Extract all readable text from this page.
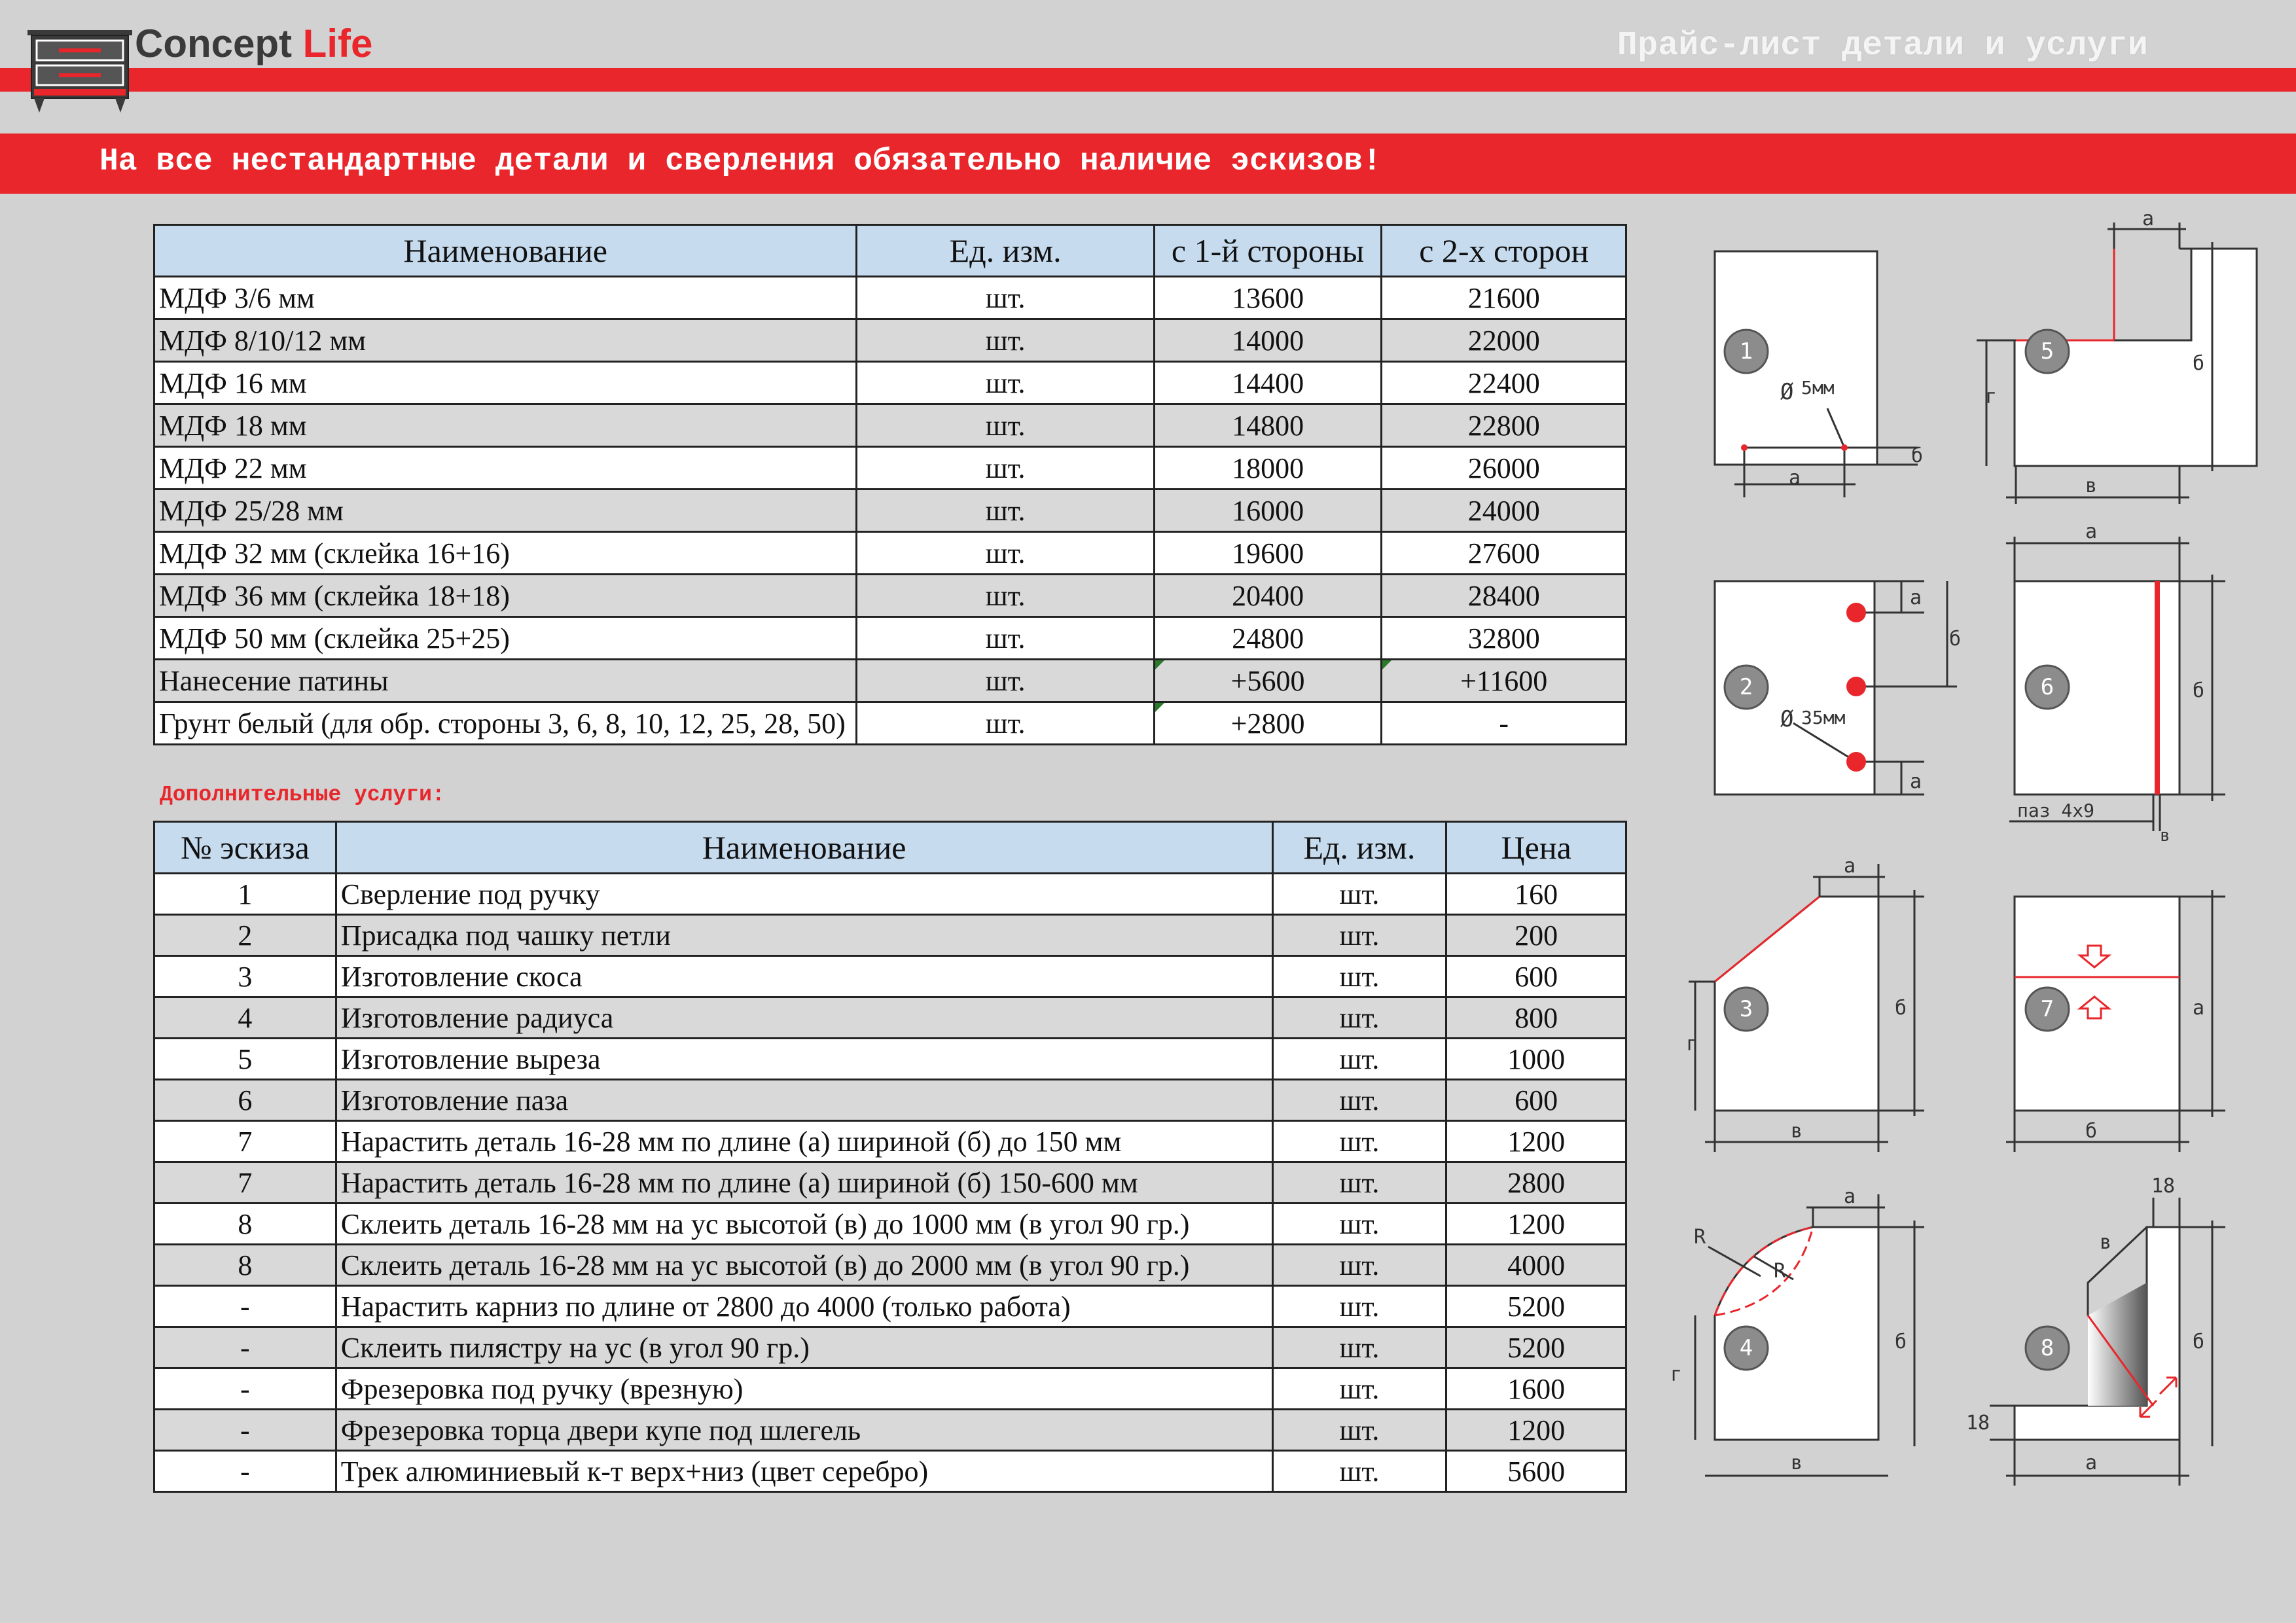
Concept Life	Прайс-лист детали и услуги
На все нестандартные детали и сверления обязательно наличие эскизов!
Наименование	Ед. изм.	с 1-й стороны	с 2-х сторон
МДФ 3/6 мм	шт.	13600	21600
МДФ 8/10/12 мм	шт.	14000	22000
МДФ 16 мм	шт.	14400	22400
МДФ 18 мм	шт.	14800	22800
МДФ 22 мм	шт.	18000	26000
МДФ 25/28 мм	шт.	16000	24000
МДФ 32 мм (склейка 16+16)	шт.	19600	27600
МДФ 36 мм (склейка 18+18)	шт.	20400	28400
МДФ 50 мм (склейка 25+25)	шт.	24800	32800
Нанесение патины	шт.	+5600	+11600
Грунт белый (для обр. стороны 3, 6, 8, 10, 12, 25, 28, 50)	шт.	+2800	-
Дополнительные услуги:
№ эскиза	Наименование	Ед. изм.	Цена
1	Сверление под ручку	шт.	160
2	Присадка под чашку петли	шт.	200
3	Изготовление скоса	шт.	600
4	Изготовление радиуса	шт.	800
5	Изготовление выреза	шт.	1000
6	Изготовление паза	шт.	600
7	Нарастить деталь 16-28 мм по длине (а) шириной (б) до 150 мм	шт.	1200
7	Нарастить деталь 16-28 мм по длине (а) шириной (б) 150-600 мм	шт.	2800
8	Склеить деталь 16-28 мм на ус высотой (в) до 1000 мм (в угол 90 гр.)	шт.	1200
8	Склеить деталь 16-28 мм на ус высотой (в) до 2000 мм (в угол 90 гр.)	шт.	4000
-	Нарастить карниз по длине от 2800 до 4000 (только работа)	шт.	5200
-	Склеить пилястру на ус (в угол 90 гр.)	шт.	5200
-	Фрезеровка под ручку (врезную)	шт.	1600
-	Фрезеровка торца двери купе под шлегель	шт.	1200
-	Трек алюминиевый к-т верх+низ (цвет серебро)	шт.	5600
1
2
3
4
5
6
7
8
Ø 5мм
Ø 35мм
а
б
а
б
а
а
г
б
в
а
R
R
г
б
в
а
г
б
в
а
б
паз 4х9
в
а
б
18
в
б
18
а
